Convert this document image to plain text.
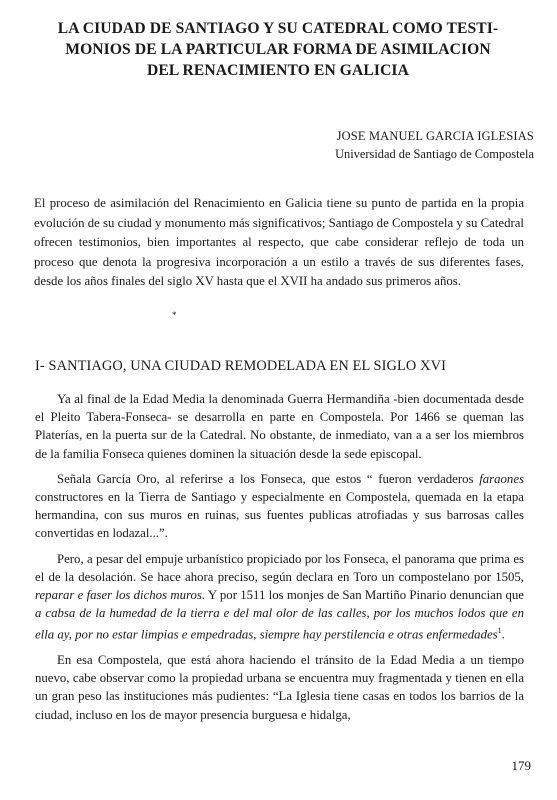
LA CIUDAD DE SANTIAGO Y SU CATEDRAL COMO TESTI-
MONIOS DE LA PARTICULAR FORMA DE ASIMILACION
DEL RENACIMIENTO EN GALICIA
JOSE MANUEL GARCIA IGLESIAS
Universidad de Santiago de Compostela
El proceso de asimilación del Renacimiento en Galicia tiene su punto de partida en la propia evolución de su ciudad y monumento más significativos; Santiago de Compostela y su Catedral ofrecen testimonios, bien importantes al respecto, que cabe considerar reflejo de toda un proceso que denota la progresiva incorporación a un estilo a través de sus diferentes fases, desde los años finales del siglo XV hasta que el XVII ha andado sus primeros años.
*
I- SANTIAGO, UNA CIUDAD REMODELADA EN EL SIGLO XVI

Ya al final de la Edad Media la denominada Guerra Hermandiña -bien documentada desde el Pleito Tabera-Fonseca- se desarrolla en parte en Compostela. Por 1466 se queman las Platerías, en la puerta sur de la Catedral. No obstante, de inmediato, van a a ser los miembros de la familia Fonseca quienes dominen la situación desde la sede episcopal.

Señala García Oro, al referirse a los Fonseca, que estos “ fueron verdaderos faraones constructores en la Tierra de Santiago y especialmente en Compostela, quemada en la etapa hermandina, con sus muros en ruinas, sus fuentes publicas atrofiadas y sus barrosas calles convertidas en lodazal...”.

Pero, a pesar del empuje urbanístico propiciado por los Fonseca, el panorama que prima es el de la desolación. Se hace ahora preciso, según declara en Toro un compostelano por 1505, reparar e faser los dichos muros. Y por 1511 los monjes de San Martiño Pinario denuncian que a cabsa de la humedad de la tierra e del mal olor de las calles, por los muchos lodos que en ella ay, por no estar limpias e empedradas, siempre hay perstilencia e otras enfermedades$^1$.

En esa Compostela, que está ahora haciendo el tránsito de la Edad Media a un tiempo nuevo, cabe observar como la propiedad urbana se encuentra muy fragmentada y tienen en ella un gran peso las instituciones más pudientes: “La Iglesia tiene casas en todos los barrios de la ciudad, incluso en los de mayor presencia burguesa e hidalga,

179
